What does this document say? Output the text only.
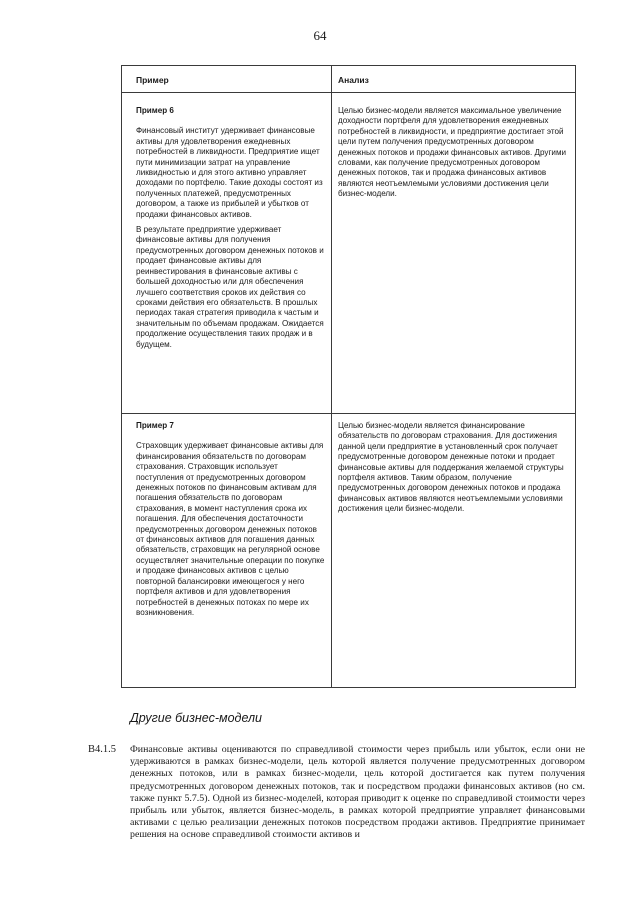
64
Пример	Анализ

Пример 6

Финансовый институт удерживает финансовые активы для удовлетворения ежедневных потребностей в ликвидности. Предприятие ищет пути минимизации затрат на управление ликвидностью и для этого активно управляет доходами по портфелю. Такие доходы состоят из полученных платежей, предусмотренных договором, а также из прибылей и убытков от продажи финансовых активов.

В результате предприятие удерживает финансовые активы для получения предусмотренных договором денежных потоков и продает финансовые активы для реинвестирования в финансовые активы с большей доходностью или для обеспечения лучшего соответствия сроков их действия со сроками действия его обязательств. В прошлых периодах такая стратегия приводила к частым и значительным по объемам продажам. Ожидается продолжение осуществления таких продаж и в будущем.

Целью бизнес-модели является максимальное увеличение доходности портфеля для удовлетворения ежедневных потребностей в ликвидности, и предприятие достигает этой цели путем получения предусмотренных договором денежных потоков и продажи финансовых активов. Другими словами, как получение предусмотренных договором денежных потоков, так и продажа финансовых активов являются неотъемлемыми условиями достижения цели бизнес-модели.

Пример 7

Страховщик удерживает финансовые активы для финансирования обязательств по договорам страхования. Страховщик использует поступления от предусмотренных договором денежных потоков по финансовым активам для погашения обязательств по договорам страхования, в момент наступления срока их погашения. Для обеспечения достаточности предусмотренных договором денежных потоков от финансовых активов для погашения данных обязательств, страховщик на регулярной основе осуществляет значительные операции по покупке и продаже финансовых активов с целью повторной балансировки имеющегося у него портфеля активов и для удовлетворения потребностей в денежных потоках по мере их возникновения.

Целью бизнес-модели является финансирование обязательств по договорам страхования. Для достижения данной цели предприятие в установленный срок получает предусмотренные договором денежные потоки и продает финансовые активы для поддержания желаемой структуры портфеля активов. Таким образом, получение предусмотренных договором денежных потоков и продажа финансовых активов являются неотъемлемыми условиями достижения цели бизнес-модели.

Другие бизнес-модели
В4.1.5 Финансовые активы оцениваются по справедливой стоимости через прибыль или убыток, если они не удерживаются в рамках бизнес-модели, цель которой является получение предусмотренных договором денежных потоков, или в рамках бизнес-модели, цель которой достигается как путем получения предусмотренных договором денежных потоков, так и посредством продажи финансовых активов (но см. также пункт 5.7.5). Одной из бизнес-моделей, которая приводит к оценке по справедливой стоимости через прибыль или убыток, является бизнес-модель, в рамках которой предприятие управляет финансовыми активами с целью реализации денежных потоков посредством продажи активов. Предприятие принимает решения на основе справедливой стоимости активов и
